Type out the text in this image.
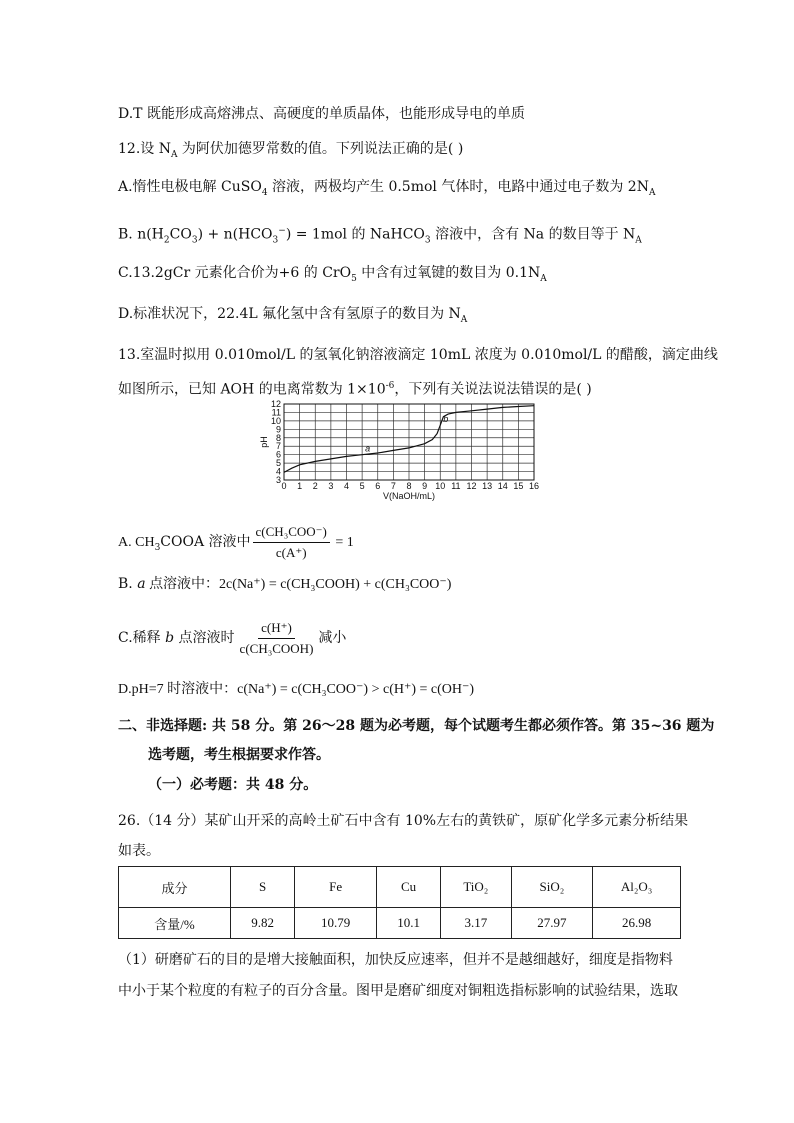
D.T 既能形成高熔沸点、高硬度的单质晶体，也能形成导电的单质
12.设 $N_A$ 为阿伏加德罗常数的值。下列说法正确的是( )
A.惰性电极电解 CuSO$_4$ 溶液，两极均产生 0.5mol 气体时，电路中通过电子数为 $2N_A$
B. $n(H_2CO_3) + n(HCO_3^-) = 1mol$ 的 NaHCO$_3$ 溶液中，含有 Na 的数目等于 $N_A$
C.13.2gCr 元素化合价为+6 的 CrO$_5$ 中含有过氧键的数目为 $0.1N_A$
D.标准状况下，22.4L 氟化氢中含有氢原子的数目为 $N_A$
13.室温时拟用 0.010mol/L 的氢氧化钠溶液滴定 10mL 浓度为 0.010mol/L 的醋酸，滴定曲线
如图所示，已知 AOH 的电离常数为 $1\times 10^{-6}$，下列有关说法说法错误的是( )
0 1 2 3 4 5 6 7 8 9 10 11 12 13 14 15 16
3
4
5
6
7
8
9
10
11
12
a
b
pH
V(NaOH/mL)
A. $CH_3COOA$ 溶液中 $\frac{\text{c(CH₃COO⁻)}}{c(A^+)} = 1$
B. a 点溶液中：2c(Na⁺) = c(CH₃COOH) + c(CH₃COO⁻)
C.稀释 b 点溶液时 $\frac{c(H^+)}{\text{c(CH₃COOH)}}$ 减小
D.pH=7 时溶液中：c(Na⁺) = c(CH₃COO⁻) > c(H⁺) = c(OH⁻)
二、非选择题: 共 58 分。第 26～28 题为必考题，每个试题考生都必须作答。第 35~36 题为
选考题，考生根据要求作答。
（一）必考题：共 48 分。
26.（14 分）某矿山开采的高岭土矿石中含有 10%左右的黄铁矿，原矿化学多元素分析结果
如表。
成分	S	Fe	Cu	TiO₂	SiO₂	Al₂O₃
含量/%	9.82	10.79	10.1	3.17	27.97	26.98
（1）研磨矿石的目的是增大接触面积，加快反应速率，但并不是越细越好，细度是指物料
中小于某个粒度的有粒子的百分含量。图甲是磨矿细度对铜粗选指标影响的试验结果，选取
